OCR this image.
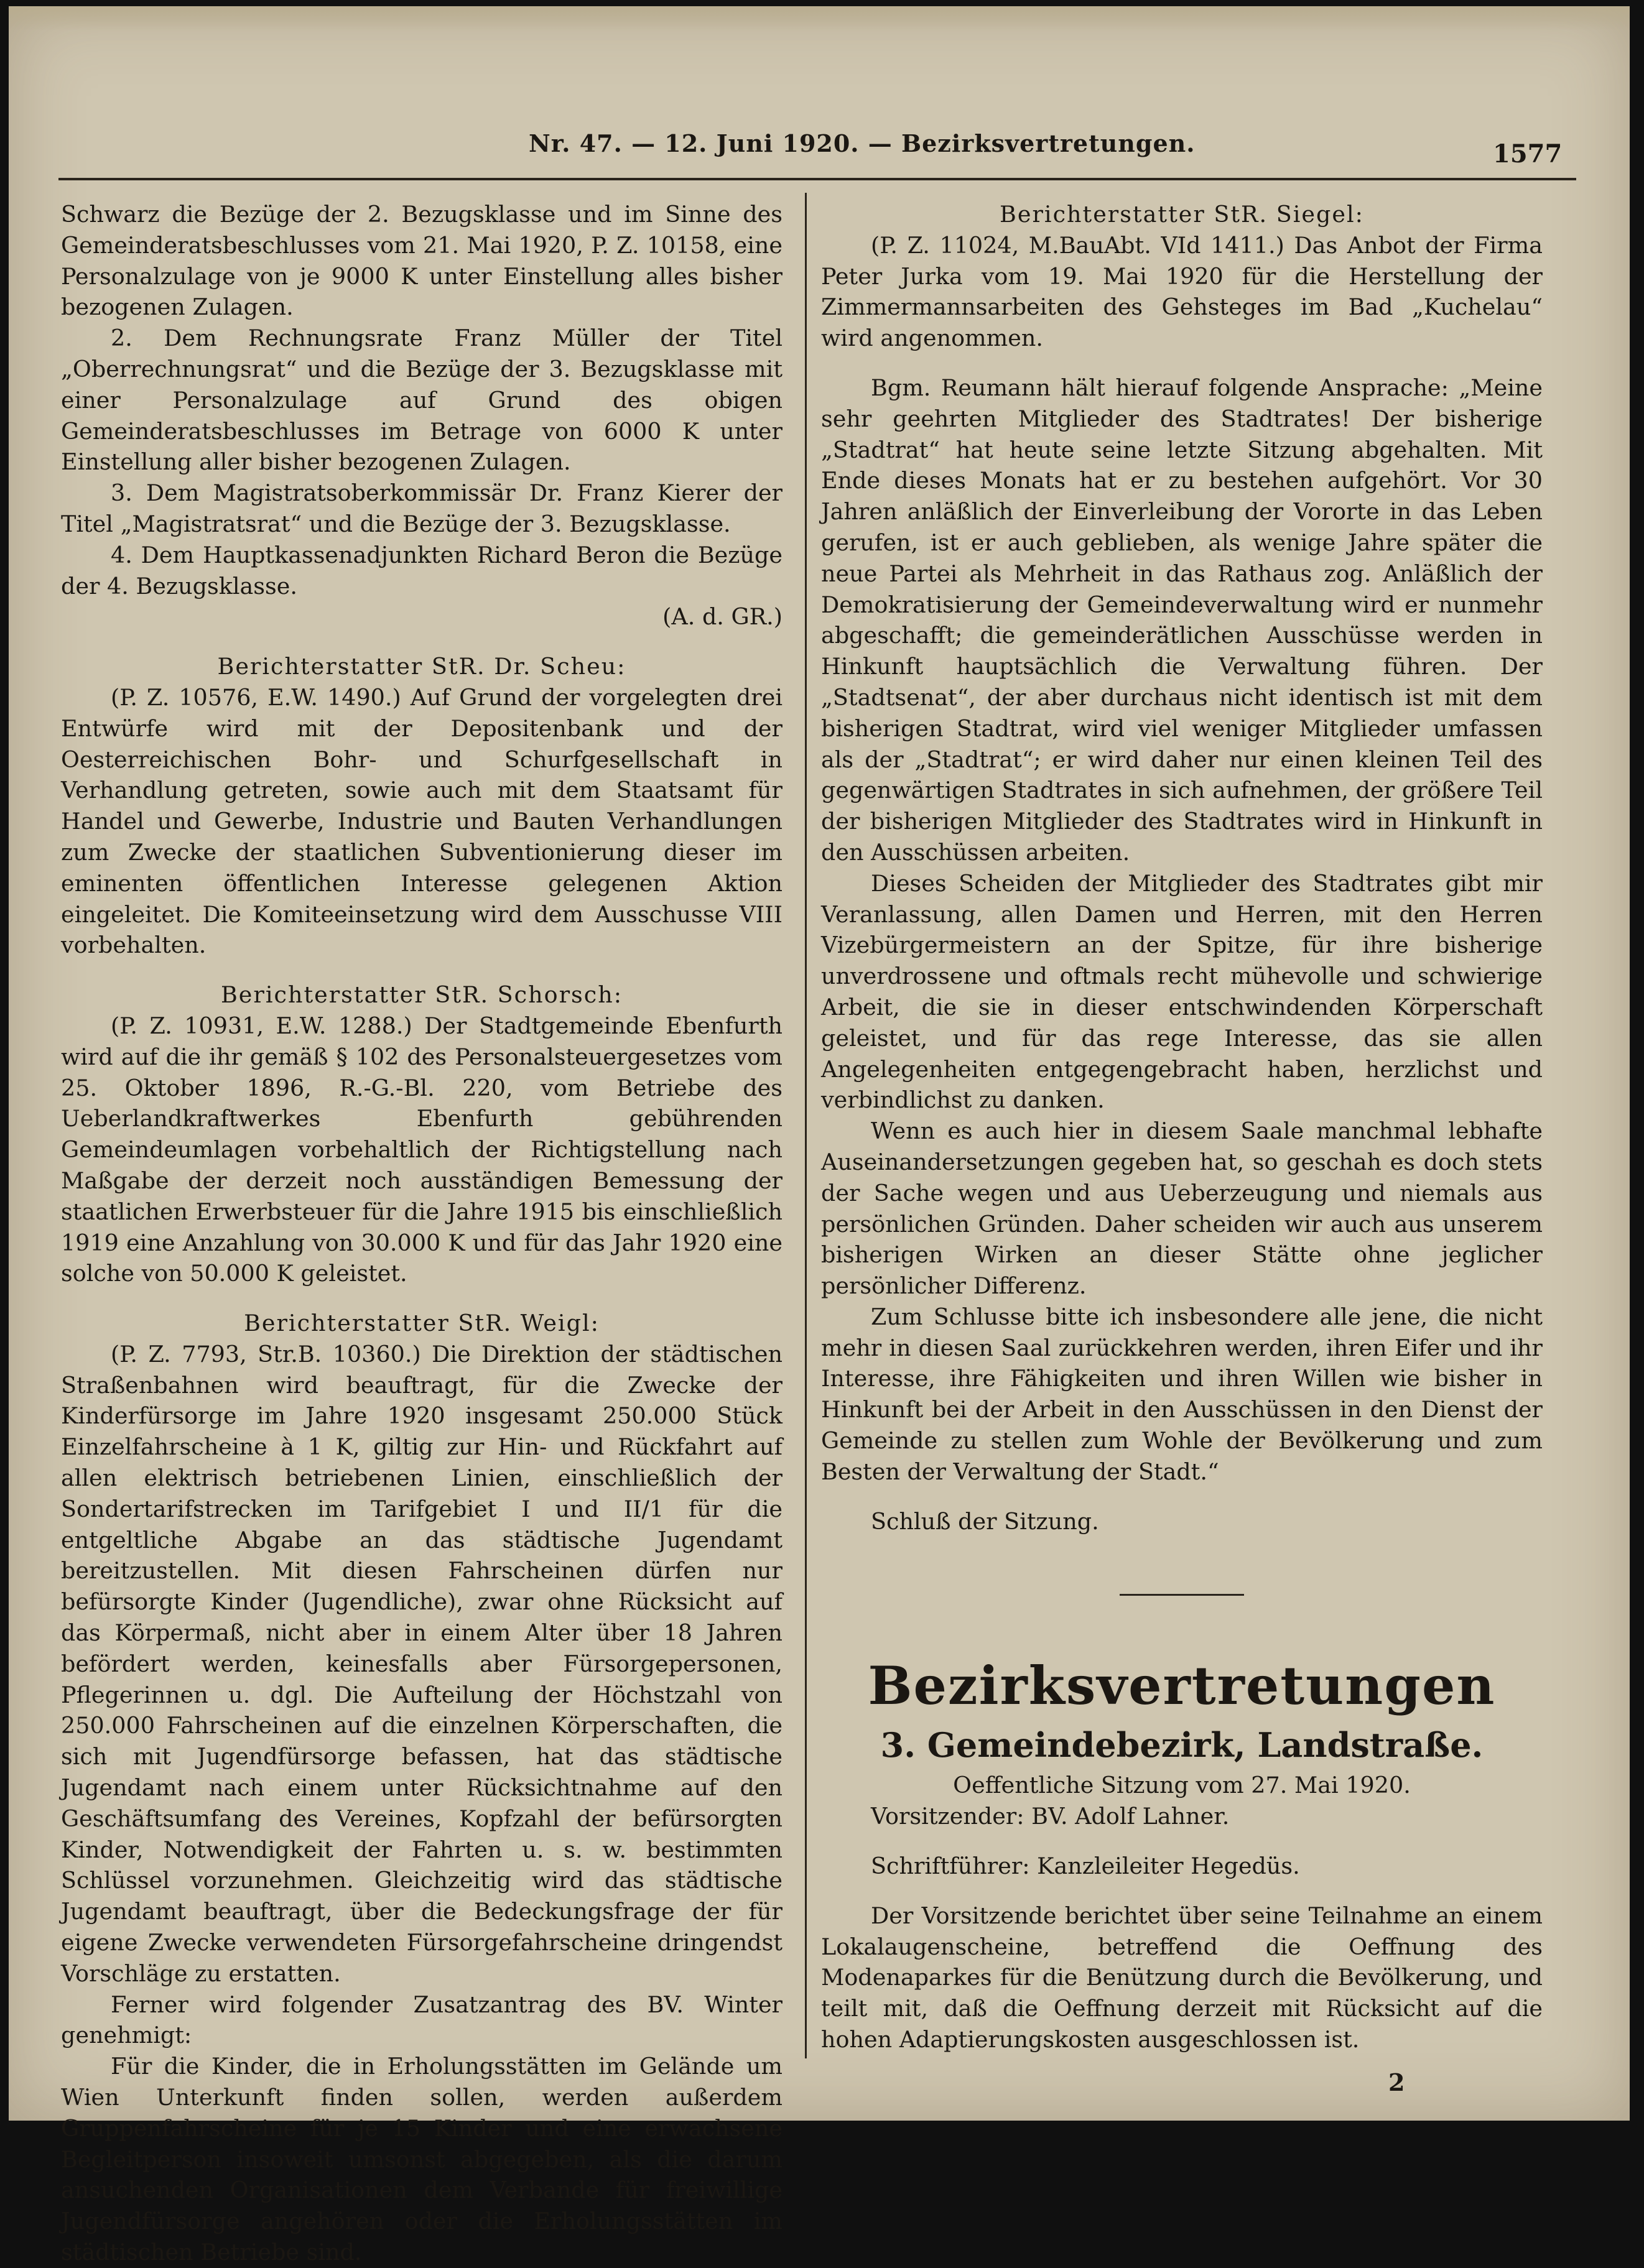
Nr. 47. — 12. Juni 1920. — Bezirksvertretungen.	1577

Schwarz die Bezüge der 2. Bezugsklasse und im Sinne des Gemeinderatsbeschlusses vom 21. Mai 1920, P. Z. 10158, eine Personalzulage von je 9000 K unter Einstellung alles bisher bezogenen Zulagen.

2. Dem Rechnungsrate Franz Müller der Titel „Oberrechnungsrat“ und die Bezüge der 3. Bezugsklasse mit einer Personalzulage auf Grund des obigen Gemeinderatsbeschlusses im Betrage von 6000 K unter Einstellung aller bisher bezogenen Zulagen.

3. Dem Magistratsoberkommissär Dr. Franz Kierer der Titel „Magistratsrat“ und die Bezüge der 3. Bezugsklasse.

4. Dem Hauptkassenadjunkten Richard Beron die Bezüge der 4. Bezugsklasse.

(A. d. GR.)

Berichterstatter StR. Dr. Scheu:

(P. Z. 10576, E.W. 1490.) Auf Grund der vorgelegten drei Entwürfe wird mit der Depositenbank und der Oesterreichischen Bohr- und Schurfgesellschaft in Verhandlung getreten, sowie auch mit dem Staatsamt für Handel und Gewerbe, Industrie und Bauten Verhandlungen zum Zwecke der staatlichen Subventionierung dieser im eminenten öffentlichen Interesse gelegenen Aktion eingeleitet. Die Komiteeinsetzung wird dem Ausschusse VIII vorbehalten.

Berichterstatter StR. Schorsch:

(P. Z. 10931, E.W. 1288.) Der Stadtgemeinde Ebenfurth wird auf die ihr gemäß § 102 des Personalsteuergesetzes vom 25. Oktober 1896, R.-G.-Bl. 220, vom Betriebe des Ueberlandkraftwerkes Ebenfurth gebührenden Gemeindeumlagen vorbehaltlich der Richtigstellung nach Maßgabe der derzeit noch ausständigen Bemessung der staatlichen Erwerbsteuer für die Jahre 1915 bis einschließlich 1919 eine Anzahlung von 30.000 K und für das Jahr 1920 eine solche von 50.000 K geleistet.

Berichterstatter StR. Weigl:

(P. Z. 7793, Str.B. 10360.) Die Direktion der städtischen Straßenbahnen wird beauftragt, für die Zwecke der Kinderfürsorge im Jahre 1920 insgesamt 250.000 Stück Einzelfahrscheine à 1 K, giltig zur Hin- und Rückfahrt auf allen elektrisch betriebenen Linien, einschließlich der Sondertarifstrecken im Tarifgebiet I und II/1 für die entgeltliche Abgabe an das städtische Jugendamt bereitzustellen. Mit diesen Fahrscheinen dürfen nur befürsorgte Kinder (Jugendliche), zwar ohne Rücksicht auf das Körpermaß, nicht aber in einem Alter über 18 Jahren befördert werden, keinesfalls aber Fürsorgepersonen, Pflegerinnen u. dgl. Die Aufteilung der Höchstzahl von 250.000 Fahrscheinen auf die einzelnen Körperschaften, die sich mit Jugendfürsorge befassen, hat das städtische Jugendamt nach einem unter Rücksichtnahme auf den Geschäftsumfang des Vereines, Kopfzahl der befürsorgten Kinder, Notwendigkeit der Fahrten u. s. w. bestimmten Schlüssel vorzunehmen. Gleichzeitig wird das städtische Jugendamt beauftragt, über die Bedeckungsfrage der für eigene Zwecke verwendeten Fürsorgefahrscheine dringendst Vorschläge zu erstatten.

Ferner wird folgender Zusatzantrag des BV. Winter genehmigt:

Für die Kinder, die in Erholungsstätten im Gelände um Wien Unterkunft finden sollen, werden außerdem Gruppenfahrscheine für je 15 Kinder und eine erwachsene Begleitperson insoweit umsonst abgegeben, als die darum ansuchenden Organisationen dem Verbande für freiwillige Jugendfürsorge angehören oder die Erholungsstätten im städtischen Betriebe sind.

Berichterstatter StR. Siegel:

(P. Z. 11024, M.BauAbt. VId 1411.) Das Anbot der Firma Peter Jurka vom 19. Mai 1920 für die Herstellung der Zimmermannsarbeiten des Gehsteges im Bad „Kuchelau“ wird angenommen.

Bgm. Reumann hält hierauf folgende Ansprache: „Meine sehr geehrten Mitglieder des Stadtrates! Der bisherige „Stadtrat“ hat heute seine letzte Sitzung abgehalten. Mit Ende dieses Monats hat er zu bestehen aufgehört. Vor 30 Jahren anläßlich der Einverleibung der Vororte in das Leben gerufen, ist er auch geblieben, als wenige Jahre später die neue Partei als Mehrheit in das Rathaus zog. Anläßlich der Demokratisierung der Gemeindeverwaltung wird er nunmehr abgeschafft; die gemeinderätlichen Ausschüsse werden in Hinkunft hauptsächlich die Verwaltung führen. Der „Stadtsenat“, der aber durchaus nicht identisch ist mit dem bisherigen Stadtrat, wird viel weniger Mitglieder umfassen als der „Stadtrat“; er wird daher nur einen kleinen Teil des gegenwärtigen Stadtrates in sich aufnehmen, der größere Teil der bisherigen Mitglieder des Stadtrates wird in Hinkunft in den Ausschüssen arbeiten.

Dieses Scheiden der Mitglieder des Stadtrates gibt mir Veranlassung, allen Damen und Herren, mit den Herren Vizebürgermeistern an der Spitze, für ihre bisherige unverdrossene und oftmals recht mühevolle und schwierige Arbeit, die sie in dieser entschwindenden Körperschaft geleistet, und für das rege Interesse, das sie allen Angelegenheiten entgegengebracht haben, herzlichst und verbindlichst zu danken.

Wenn es auch hier in diesem Saale manchmal lebhafte Auseinandersetzungen gegeben hat, so geschah es doch stets der Sache wegen und aus Ueberzeugung und niemals aus persönlichen Gründen. Daher scheiden wir auch aus unserem bisherigen Wirken an dieser Stätte ohne jeglicher persönlicher Differenz.

Zum Schlusse bitte ich insbesondere alle jene, die nicht mehr in diesen Saal zurückkehren werden, ihren Eifer und ihr Interesse, ihre Fähigkeiten und ihren Willen wie bisher in Hinkunft bei der Arbeit in den Ausschüssen in den Dienst der Gemeinde zu stellen zum Wohle der Bevölkerung und zum Besten der Verwaltung der Stadt.“

Schluß der Sitzung.

Bezirksvertretungen

3. Gemeindebezirk, Landstraße.

Oeffentliche Sitzung vom 27. Mai 1920.

Vorsitzender: BV. Adolf Lahner.

Schriftführer: Kanzleileiter Hegedüs.

Der Vorsitzende berichtet über seine Teilnahme an einem Lokalaugenscheine, betreffend die Oeffnung des Modenaparkes für die Benützung durch die Bevölkerung, und teilt mit, daß die Oeffnung derzeit mit Rücksicht auf die hohen Adaptierungskosten ausgeschlossen ist.

2
